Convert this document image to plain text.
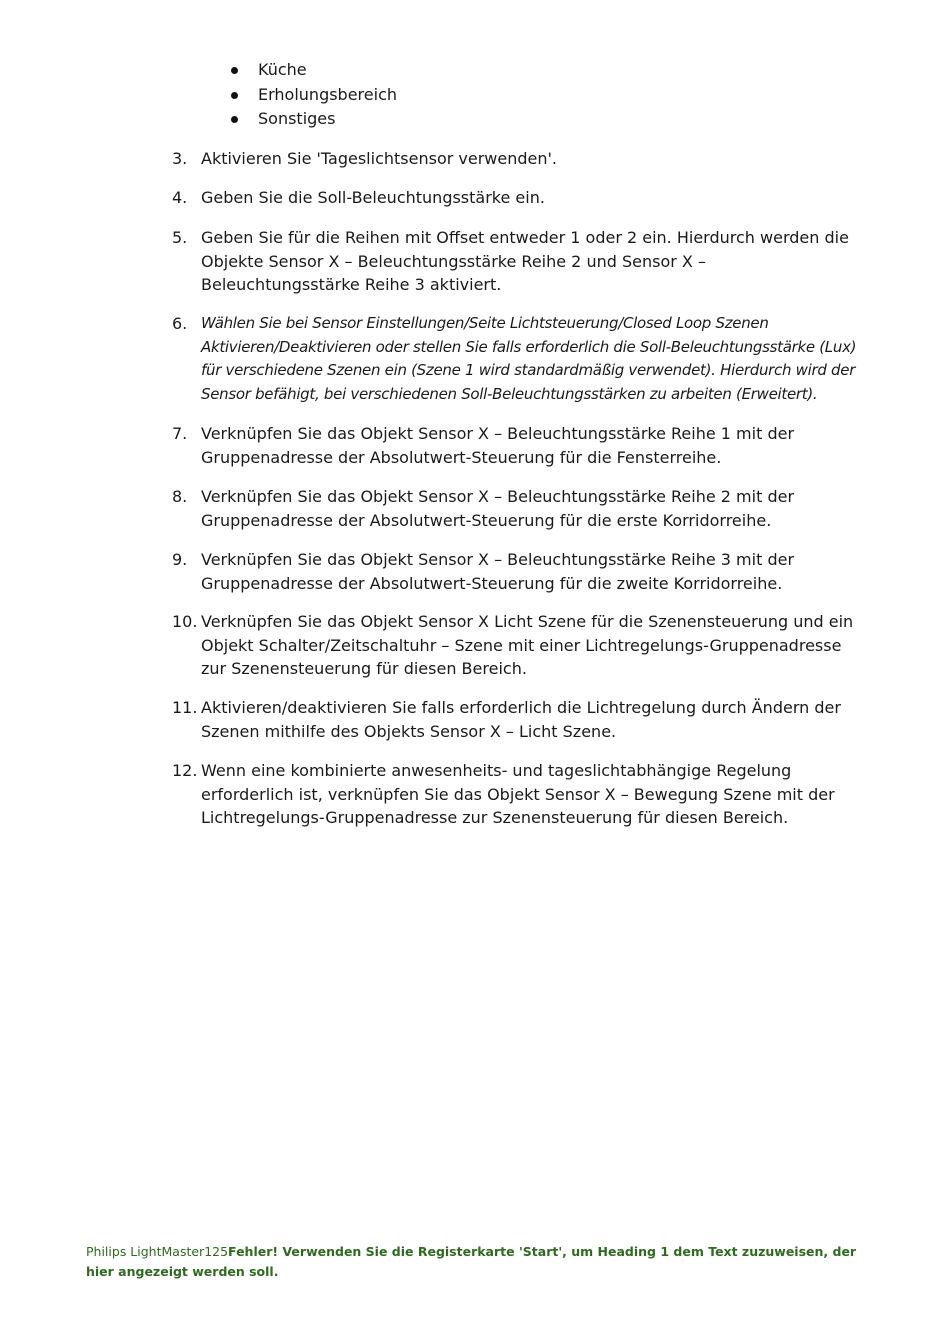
Küche
Erholungsbereich
Sonstiges
3. Aktivieren Sie 'Tageslichtsensor verwenden'.
4. Geben Sie die Soll-Beleuchtungsstärke ein.
5. Geben Sie für die Reihen mit Offset entweder 1 oder 2 ein. Hierdurch werden die Objekte Sensor X – Beleuchtungsstärke Reihe 2 und Sensor X – Beleuchtungsstärke Reihe 3 aktiviert.
6. Wählen Sie bei Sensor Einstellungen/Seite Lichtsteuerung/Closed Loop Szenen Aktivieren/Deaktivieren oder stellen Sie falls erforderlich die Soll-Beleuchtungsstärke (Lux) für verschiedene Szenen ein (Szene 1 wird standardmäßig verwendet). Hierdurch wird der Sensor befähigt, bei verschiedenen Soll-Beleuchtungsstärken zu arbeiten (Erweitert).
7. Verknüpfen Sie das Objekt Sensor X – Beleuchtungsstärke Reihe 1 mit der Gruppenadresse der Absolutwert-Steuerung für die Fensterreihe.
8. Verknüpfen Sie das Objekt Sensor X – Beleuchtungsstärke Reihe 2 mit der Gruppenadresse der Absolutwert-Steuerung für die erste Korridorreihe.
9. Verknüpfen Sie das Objekt Sensor X – Beleuchtungsstärke Reihe 3 mit der Gruppenadresse der Absolutwert-Steuerung für die zweite Korridorreihe.
10. Verknüpfen Sie das Objekt Sensor X Licht Szene für die Szenensteuerung und ein Objekt Schalter/Zeitschaltuhr – Szene mit einer Lichtregelungs-Gruppenadresse zur Szenensteuerung für diesen Bereich.
11. Aktivieren/deaktivieren Sie falls erforderlich die Lichtregelung durch Ändern der Szenen mithilfe des Objekts Sensor X – Licht Szene.
12. Wenn eine kombinierte anwesenheits- und tageslichtabhängige Regelung erforderlich ist, verknüpfen Sie das Objekt Sensor X – Bewegung Szene mit der Lichtregelungs-Gruppenadresse zur Szenensteuerung für diesen Bereich.
Philips LightMaster125Fehler! Verwenden Sie die Registerkarte 'Start', um Heading 1 dem Text zuzuweisen, der hier angezeigt werden soll.
